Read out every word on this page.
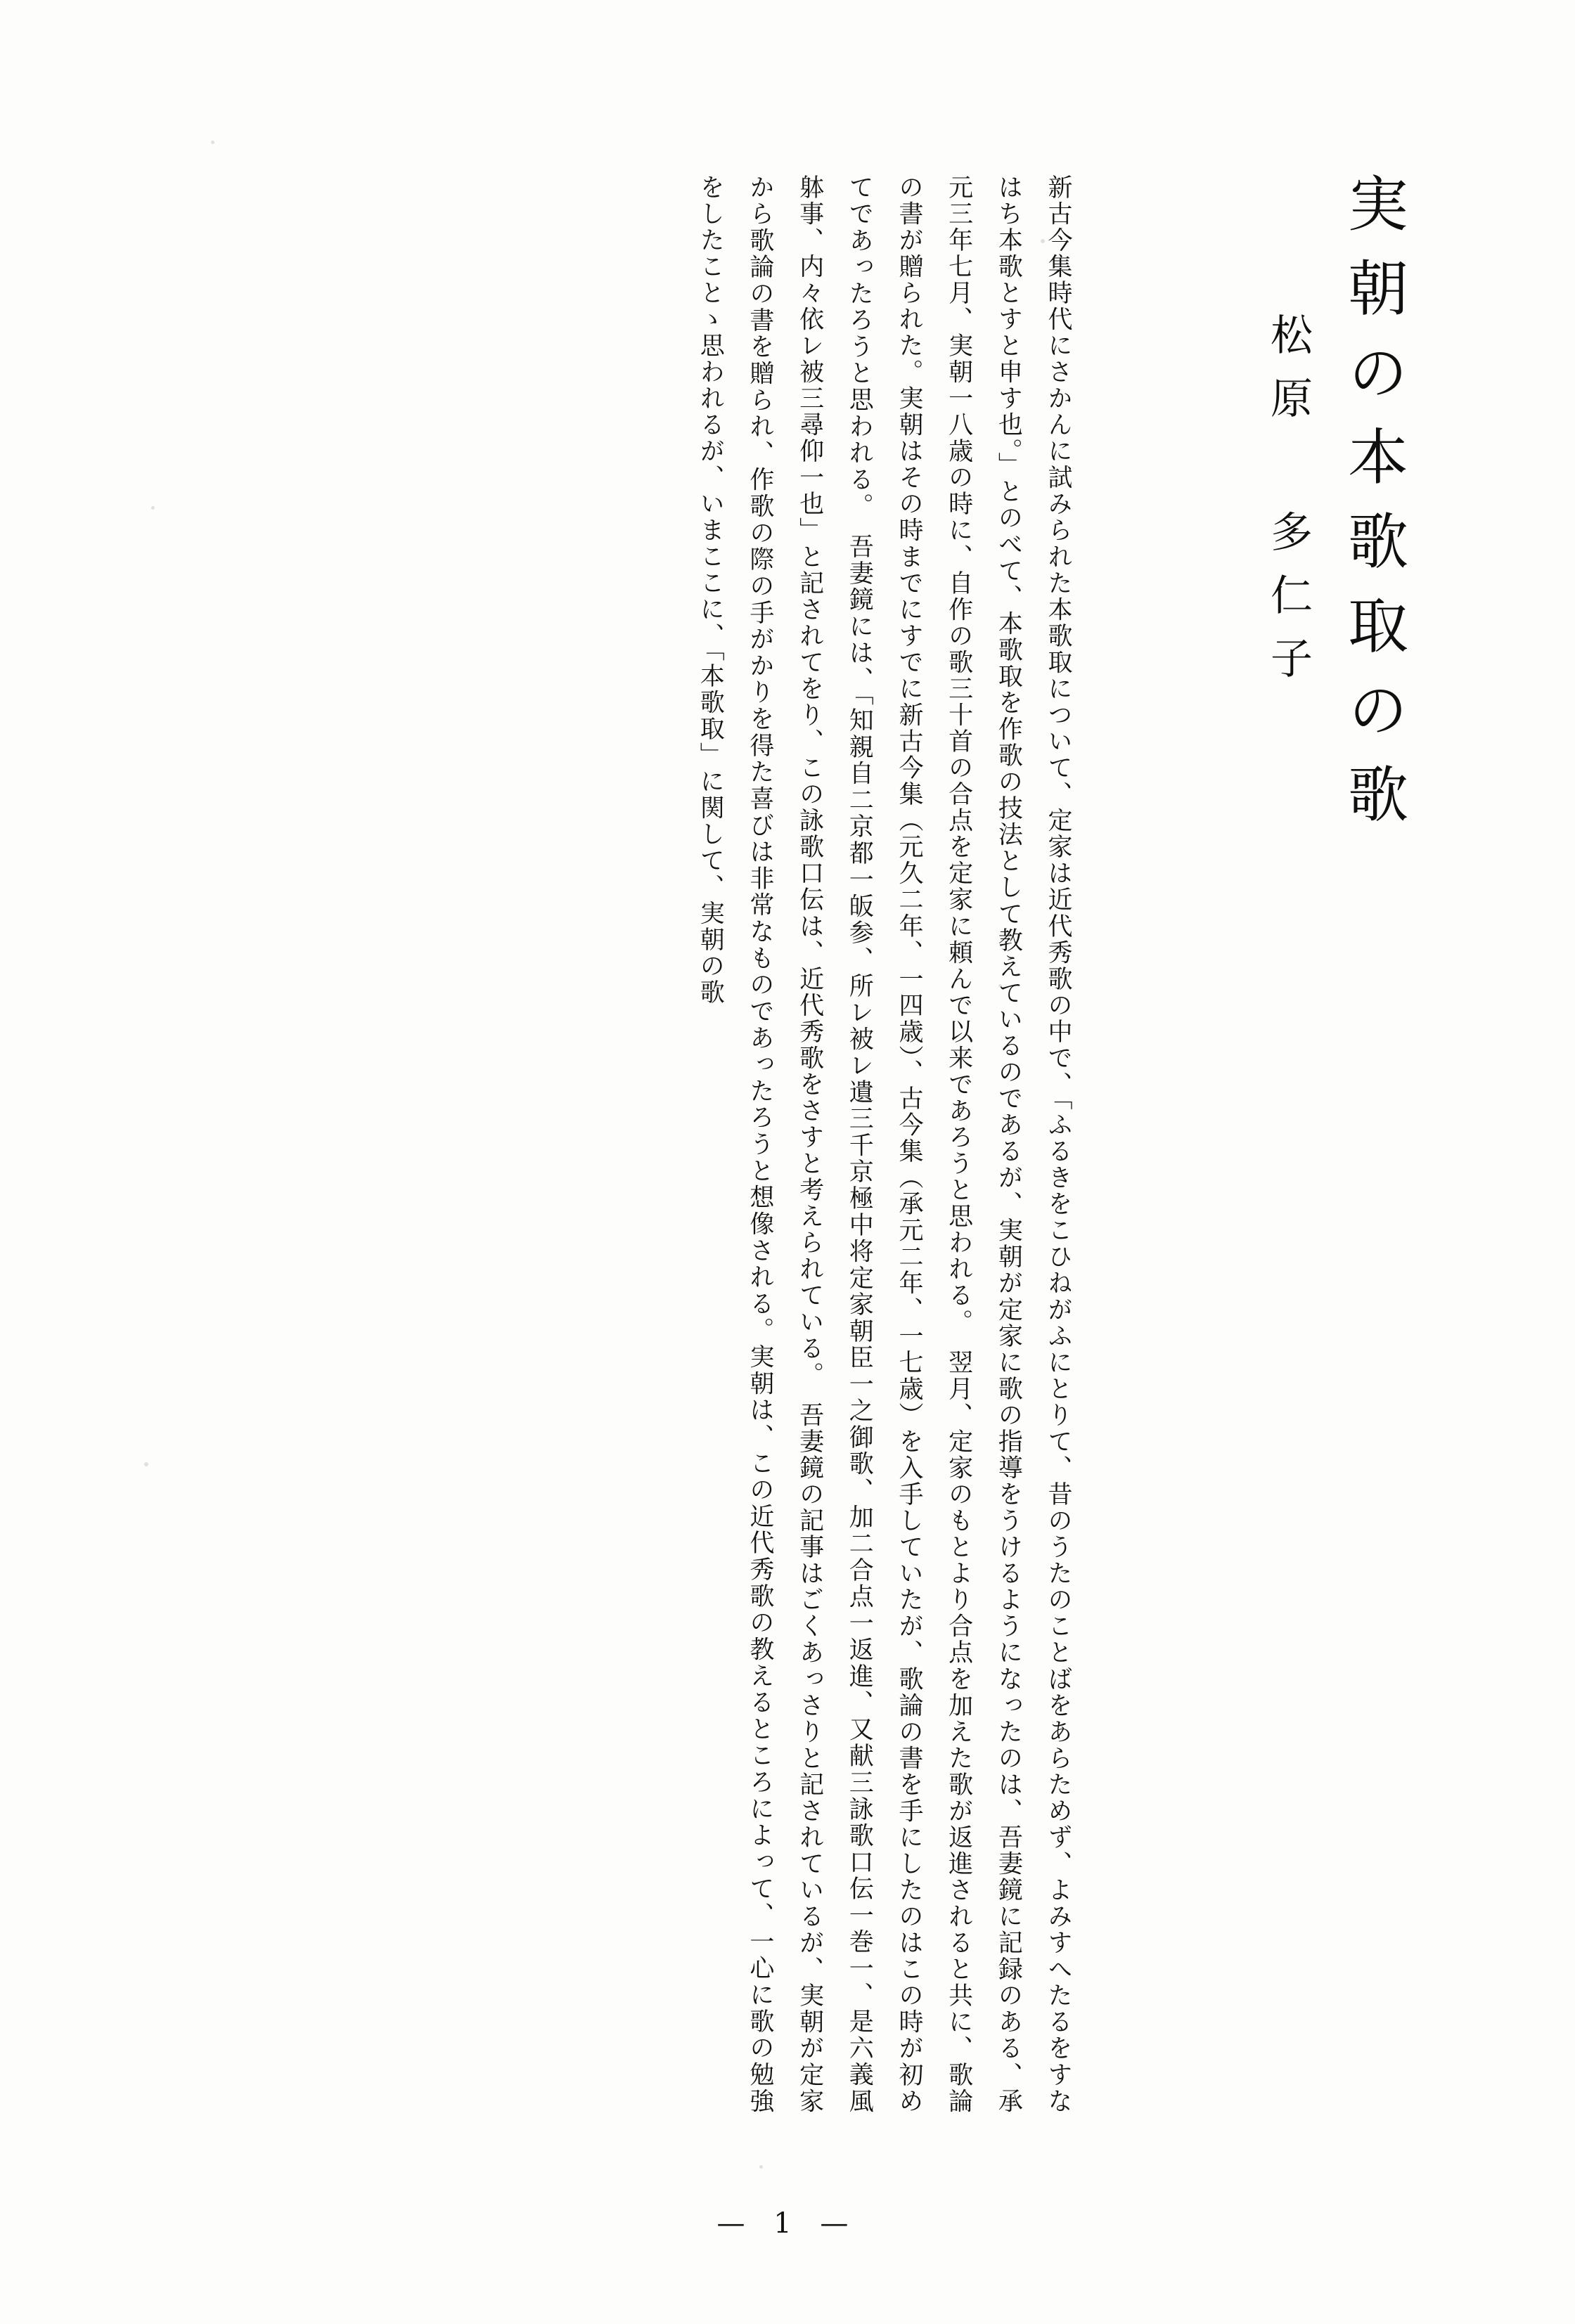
実朝の本歌取の歌
松原 多仁子

新古今集時代にさかんに試みられた本歌取について、定家は近代秀歌の中で、「ふるきをこひねがふにとりて、昔のうたのことばをあらためず、よみすへたるをすなはち本歌とすと申す也。」とのべて、本歌取を作歌の技法として教えているのであるが、実朝が定家に歌の指導をうけるようになったのは、吾妻鏡に記録のある、承元三年七月、実朝一八歳の時に、自作の歌三十首の合点を定家に頼んで以来であろうと思われる。　翌月、定家のもとより合点を加えた歌が返進されると共に、歌論の書が贈られた。実朝はその時までにすでに新古今集（元久二年、一四歳）、古今集（承元二年、一七歳）を入手していたが、歌論の書を手にしたのはこの時が初めてであったろうと思われる。　吾妻鏡には、「知親自二京都一皈参、所レ被レ遺三千京極中将定家朝臣一之御歌、加二合点一返進、又献三詠歌口伝一巻一、是六義風躰事、内々依レ被三尋仰一也」と記されてをり、この詠歌口伝は、近代秀歌をさすと考えられている。　吾妻鏡の記事はごくあっさりと記されているが、実朝が定家から歌論の書を贈られ、作歌の際の手がかりを得た喜びは非常なものであったろうと想像される。実朝は、この近代秀歌の教えるところによって、一心に歌の勉強をしたことゝ思われるが、いまここに、「本歌取」に関して、実朝の歌

— 1 —
